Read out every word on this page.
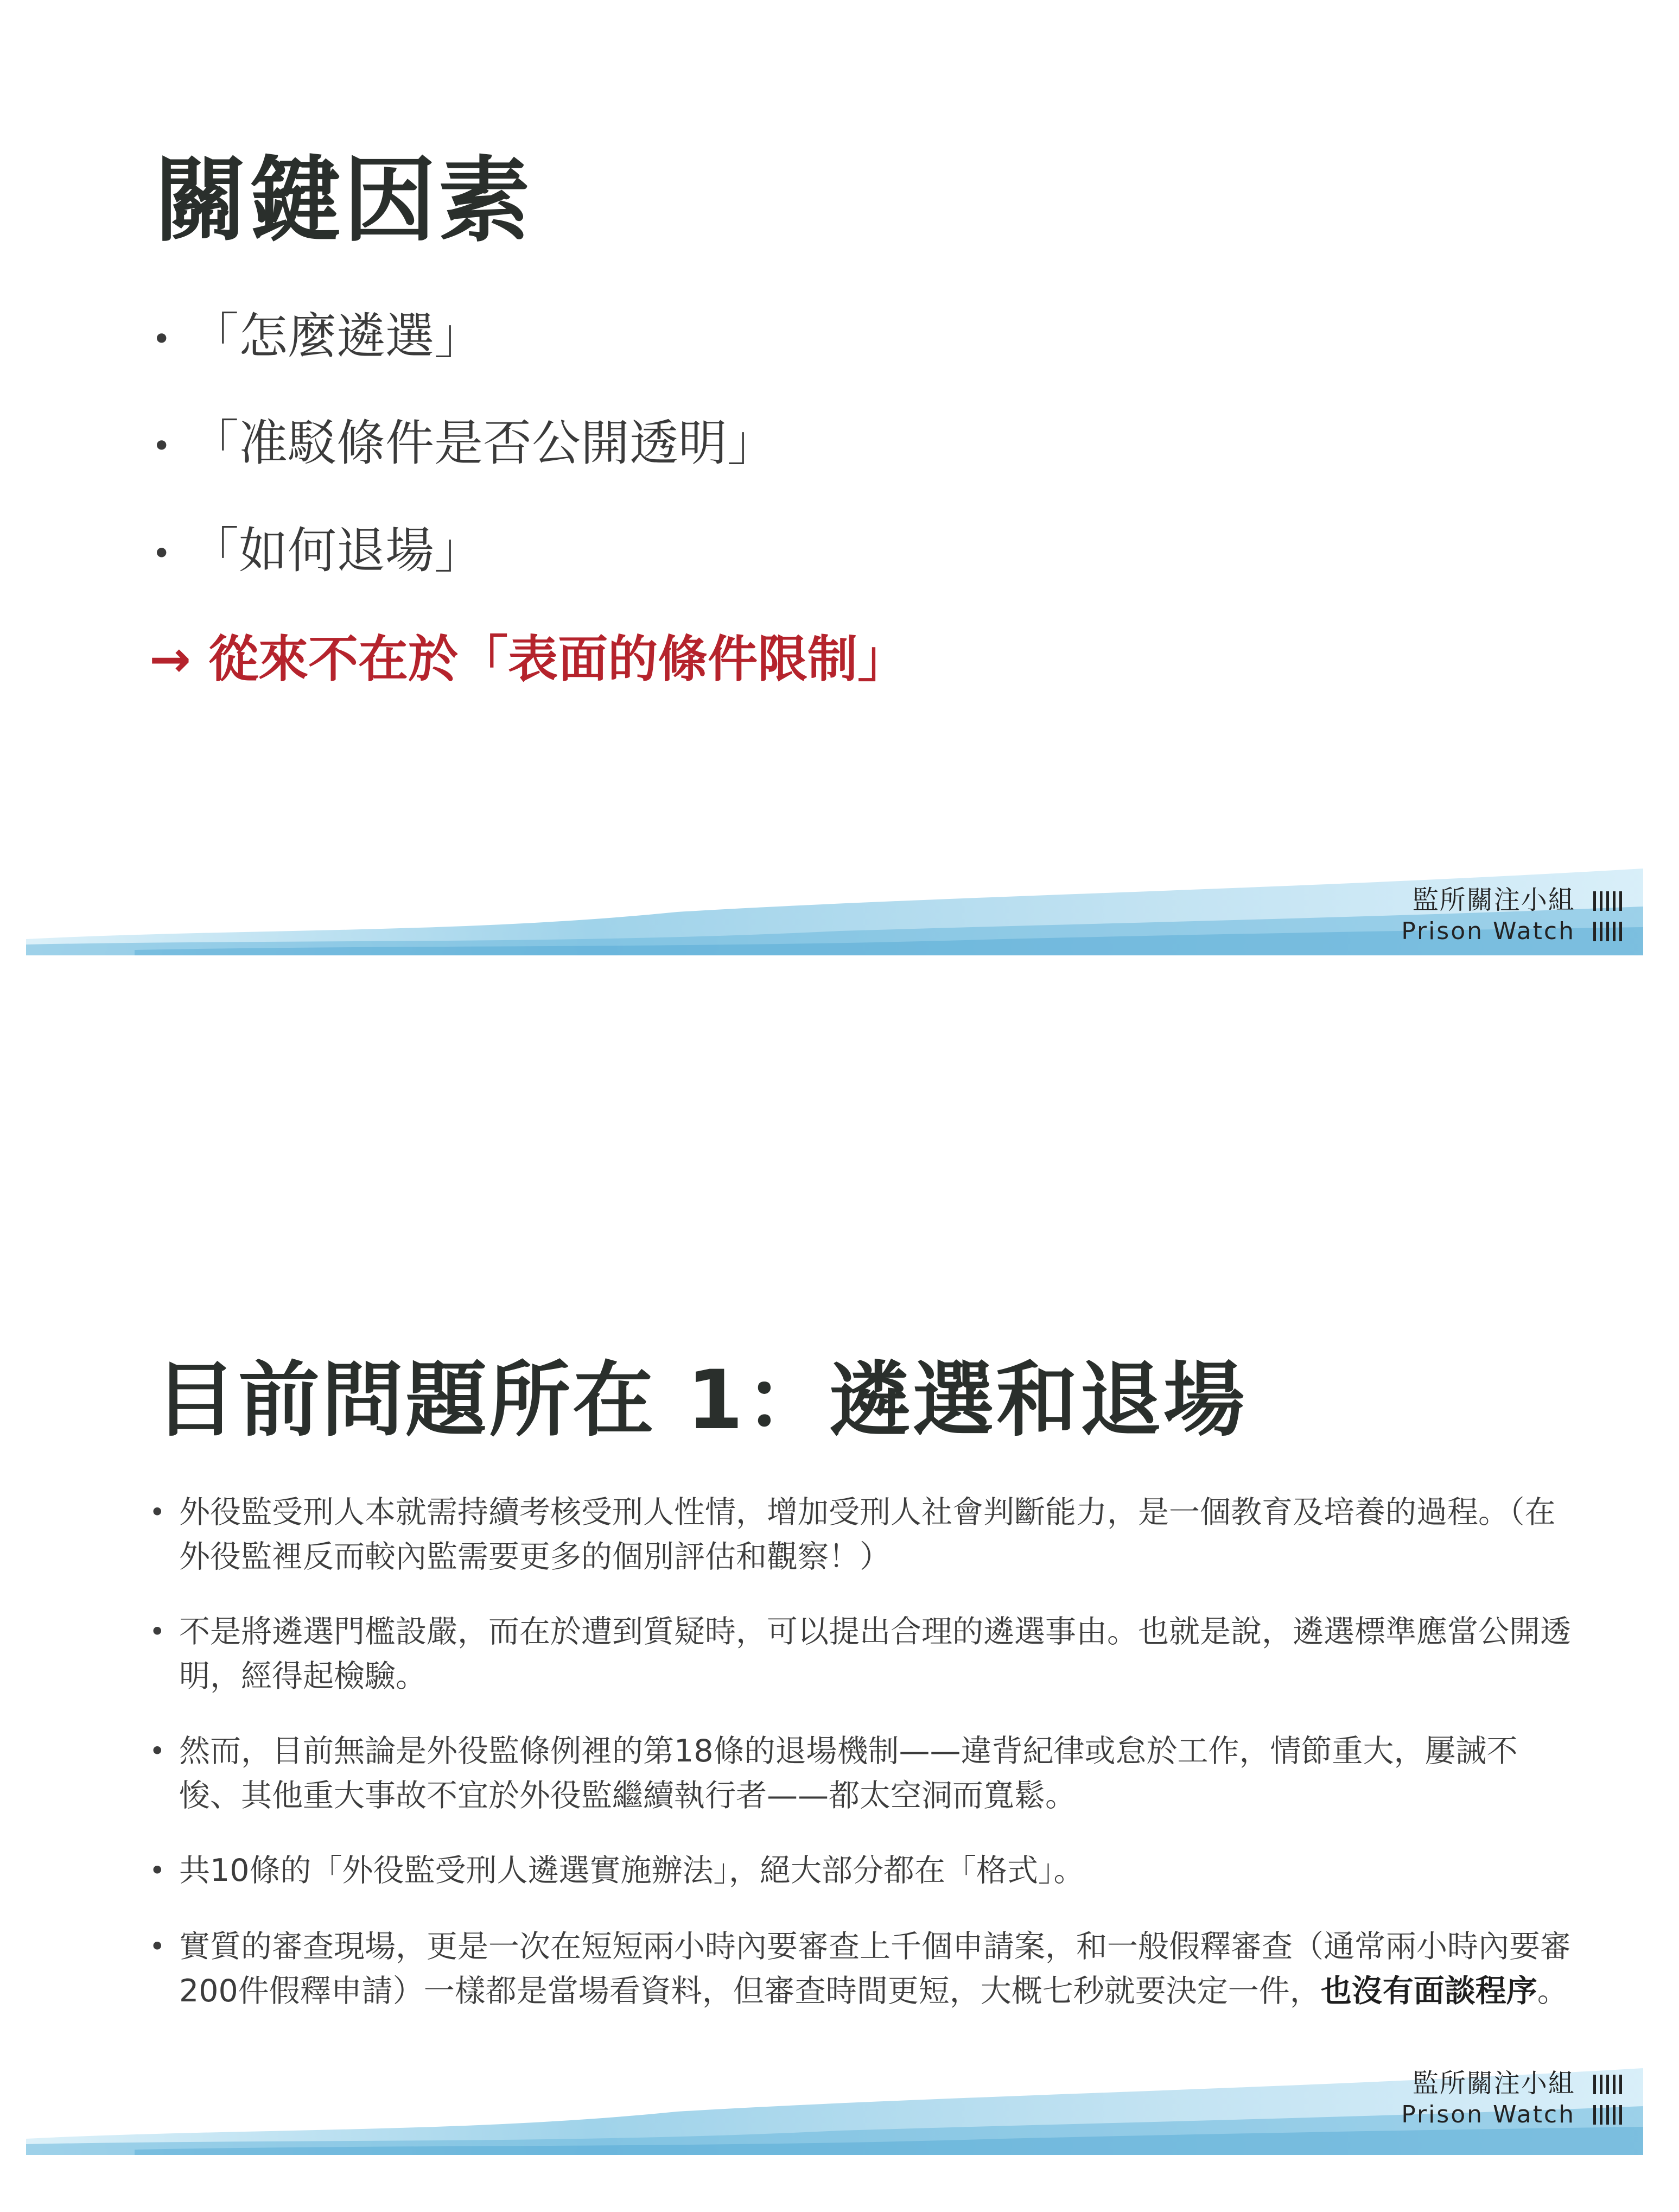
關鍵因素
• 「怎麼遴選」
• 「准駁條件是否公開透明」
• 「如何退場」
→ 從來不在於「表面的條件限制」
監所關注小組
Prison Watch
目前問題所在 1：遴選和退場
• 外役監受刑人本就需持續考核受刑人性情，增加受刑人社會判斷能力，是一個教育及培養的過程。（在外役監裡反而較內監需要更多的個別評估和觀察！）
• 不是將遴選門檻設嚴，而在於遭到質疑時，可以提出合理的遴選事由。也就是說，遴選標準應當公開透明，經得起檢驗。
• 然而，目前無論是外役監條例裡的第18條的退場機制——違背紀律或怠於工作，情節重大，屢誡不悛、其他重大事故不宜於外役監繼續執行者——都太空洞而寬鬆。
• 共10條的「外役監受刑人遴選實施辦法」，絕大部分都在「格式」。
• 實質的審查現場，更是一次在短短兩小時內要審查上千個申請案，和一般假釋審查（通常兩小時內要審200件假釋申請）一樣都是當場看資料，但審查時間更短，大概七秒就要決定一件，也沒有面談程序。
監所關注小組
Prison Watch
